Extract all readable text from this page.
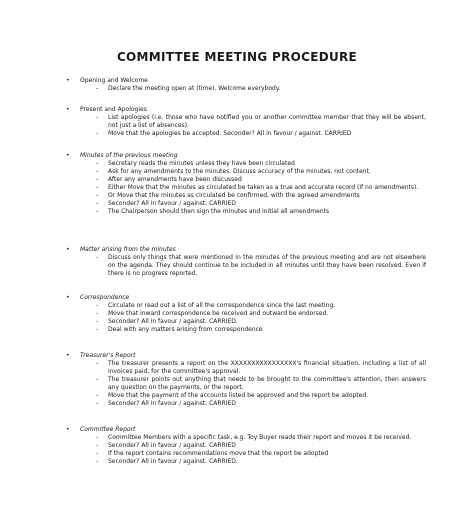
COMMITTEE MEETING PROCEDURE
• Opening and Welcome
- Declare the meeting open at (time). Welcome everybody.
• Present and Apologies
- List apologies (i.e. those who have notified you or another committee member that they will be absent, not just a list of absences).
- Move that the apologies be accepted. Seconder? All in favour / against. CARRIED
• Minutes of the previous meeting
- Secretary reads the minutes unless they have been circulated
- Ask for any amendments to the minutes. Discuss accuracy of the minutes, not content.
- After any amendments have been discussed
- Either Move that the minutes as circulated be taken as a true and accurate record (if no amendments).
- Or Move that the minutes as circulated be confirmed, with the agreed amendments
- Seconder? All in favour / against. CARRIED
- The Chairperson should then sign the minutes and initial all amendments
• Matter arising from the minutes
- Discuss only things that were mentioned in the minutes of the previous meeting and are not elsewhere on the agenda. They should continue to be included in all minutes until they have been resolved. Even if there is no progress reported.
• Correspondence
- Circulate or read out a list of all the correspondence since the last meeting.
- Move that inward correspondence be received and outward be endorsed.
- Seconder? All in favour / against. CARRIED.
- Deal with any matters arising from correspondence
• Treasurer's Report
- The treasurer presents a report on the XXXXXXXXXXXXXXXX's financial situation, including a list of all invoices paid, for the committee's approval.
- The treasurer points out anything that needs to be brought to the committee's attention, then answers any question on the payments, or the report.
- Move that the payment of the accounts listed be approved and the report be adopted.
- Seconder? All in favour / against. CARRIED
• Committee Report
- Committee Members with a specific task, e.g. Toy Buyer reads their report and moves it be received.
- Seconder? All in favour / against. CARRIED
- If the report contains recommendations move that the report be adopted
- Seconder? All in favour / against. CARRIED.
